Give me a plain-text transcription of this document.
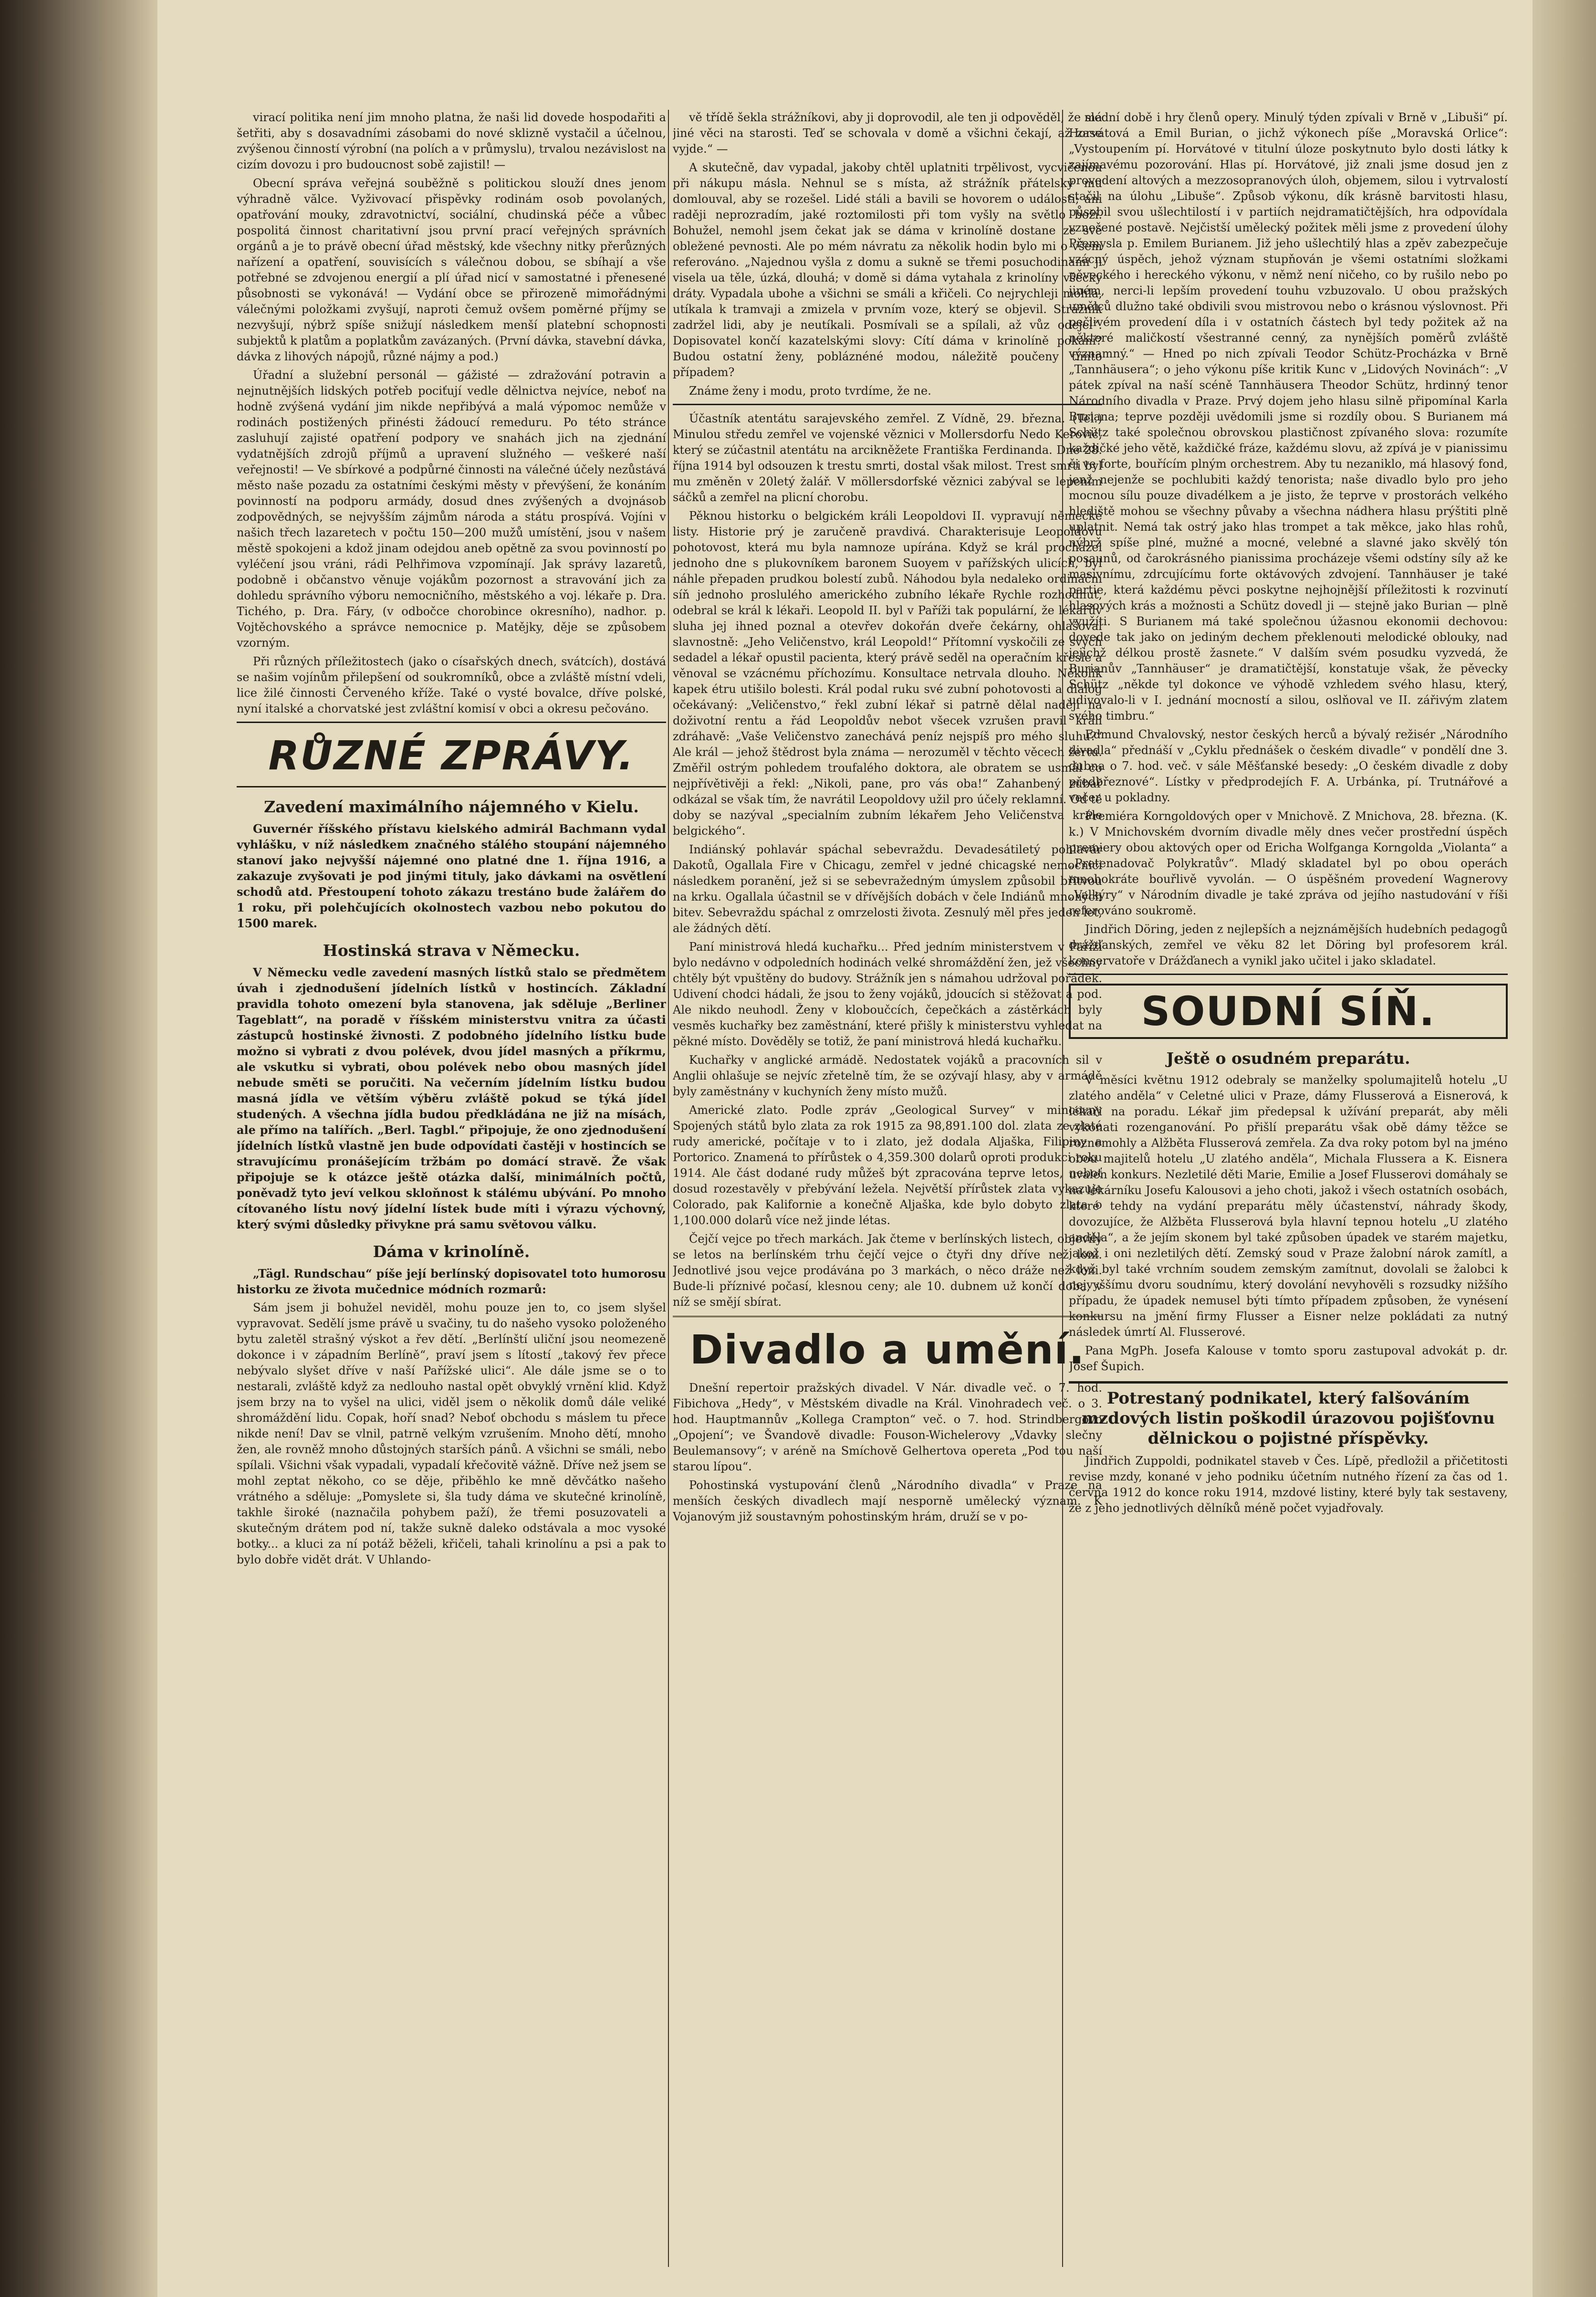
virací politika není jim mnoho platna, že naši lid dovede hospodařiti a šetřiti, aby s dosavadními zásobami do nové sklizně vystačil a účelnou, zvýšenou činností výrobní (na polích a v průmyslu), trvalou nezávislost na cizím dovozu i pro budoucnost sobě zajistil! —

Obecní správa veřejná souběžně s politickou slouží dnes jenom výhradně vălce. Vyživovací přispěvky rodinám osob povolaných, opatřování mouky, zdravotnictví, sociální, chudinská péče a vůbec pospolitá činnost charitativní jsou první prací veřejných správních orgánů a je to právě obecní úřad městský, kde všechny nitky přerůzných nařízení a opatření, souvisících s válečnou dobou, se sbíhají a vše potřebné se zdvojenou energií a plí úřad nicí v samostatné i přenesené působnosti se vykonává! — Vydání obce se přirozeně mimořádnými válečnými položkami zvyšují, naproti čemuž ovšem poměrné příjmy se nezvyšují, nýbrž spíše snižují následkem menší platební schopnosti subjektů k platům a poplatkům zavázaných. (První dávka, stavební dávka, dávka z lihových nápojů, různé nájmy a pod.)

Úřadní a služební personál — gážisté — zdražování potravin a nejnutnějších lidských potřeb pociťují vedle dělnictva nejvíce, neboť na hodně zvýšená vydání jim nikde nepřibývá a malá výpomoc nemůže v rodinách postižených přinésti žádoucí remeduru. Po této stránce zasluhují zajisté opatření podpory ve snahách jich na zjednání vydatnějších zdrojů příjmů a upravení služného — veškeré naší veřejnosti! — Ve sbírkové a podpůrné činnosti na válečné účely nezůstává město naše pozadu za ostatními českými městy v převýšení, že konáním povinností na podporu armády, dosud dnes zvýšených a dvojnásob zodpovědných, se nejvyšším zájmům národa a státu prospívá. Vojíni v našich třech lazaretech v počtu 150—200 mužů umístění, jsou v našem městě spokojeni a kdož jinam odejdou aneb opětně za svou povinností po vyléčení jsou vráni, rádi Pelhřimova vzpomínají. Jak správy lazaretů, podobně i občanstvo věnuje vojákům pozornost a stravování jich za dohledu správního výboru nemocničního, městského a voj. lékaře p. Dra. Tichého, p. Dra. Fáry, (v odbočce chorobince okresního), nadhor. p. Vojtěchovského a správce nemocnice p. Matějky, děje se způsobem vzorným.

Při různých příležitostech (jako o císařských dnech, svátcích), dostává se našim vojínům přilepšení od soukromníků, obce a zvláště místní vdeli, lice žilé činnosti Červeného kříže. Také o vysté bovalce, dříve polské, nyní italské a chorvatské jest zvláštní komisí v obci a okresu pečováno.

RŮZNÉ ZPRÁVY.
Zavedení maximálního nájemného v Kielu.

Guvernér říšského přístavu kielského admirál Bachmann vydal vyhlášku, v níž následkem značného stálého stoupání nájemného stanoví jako nejvyšší nájemné ono platné dne 1. října 1916, a zakazuje zvyšovati je pod jinými tituly, jako dávkami na osvětlení schodů atd. Přestoupení tohoto zákazu trestáno bude žalářem do 1 roku, při polehčujících okolnostech vazbou nebo pokutou do 1500 marek.

Hostinská strava v Německu.

V Německu vedle zavedení masných lístků stalo se předmětem úvah i zjednodušení jídelních lístků v hostincích. Základní pravidla tohoto omezení byla stanovena, jak sděluje „Berliner Tageblatt“, na poradě v říšském ministerstvu vnitra za účasti zástupců hostinské živnosti. Z podobného jídelního lístku bude možno si vybrati z dvou polévek, dvou jídel masných a příkrmu, ale vskutku si vybrati, obou polévek nebo obou masných jídel nebude směti se poručiti. Na večerním jídelním lístku budou masná jídla ve větším výběru zvláště pokud se týká jídel studených. A všechna jídla budou předkládána ne již na mísách, ale přímo na talířích. „Berl. Tagbl.“ připojuje, že ono zjednodušení jídelních lístků vlastně jen bude odpovídati častěji v hostincích se stravujícímu pronášejícím tržbám po domácí stravě. Že však připojuje se k otázce ještě otázka další, minimálních počtů, poněvadž tyto jeví velkou skloňnost k stálému ubývání. Po mnoho cítovaného lístu nový jídelní lístek bude míti i výrazu výchovný, který svými důsledky přivykne prá samu světovou válku.

Dáma v krinolíně.

„Tägl. Rundschau“ píše její berlínský dopisovatel toto humorosu historku ze života mučednice módních rozmarů:

Sám jsem ji bohužel neviděl, mohu pouze jen to, co jsem slyšel vypravovat. Sedělí jsme právě u svačiny, tu do našeho vysoko položeného bytu zaletěl strašný výskot a řev dětí. „Berlínští uliční jsou neomezeně dokonce i v západním Berlíně“, praví jsem s lítostí „takový řev přece nebývalo slyšet dříve v naší Pařížské ulici“. Ale dále jsme se o to nestarali, zvláště když za nedlouho nastal opět obvyklý vrnění klid. Když jsem brzy na to vyšel na ulici, viděl jsem o několik domů dále veliké shromáždění lidu. Copak, hoří snad? Neboť obchodu s máslem tu přece nikde není! Dav se vlnil, patrně velkým vzrušením. Mnoho dětí, mnoho žen, ale rovněž mnoho důstojných starších pánů. A všichni se smáli, nebo spílali. Všichni však vypadali, vypadalí křečovitě vážně. Dříve než jsem se mohl zeptat někoho, co se děje, přiběhlo ke mně děvčátko našeho vrátného a sděluje: „Pomyslete si, šla tudy dáma ve skutečné krinolíně, takhle široké (naznačila pohybem paží), že třemi posuzovateli a skutečným drátem pod ní, takže sukně daleko odstávala a moc vysoké botky... a kluci za ní potáž běželi, křičeli, tahali krinolínu a psi a pak to bylo dobře vidět drát. V Uhlando-

vě třídě šekla strážníkovi, aby ji doprovodil, ale ten ji odpověděl, že má jiné věci na starosti. Teď se schovala v domě a všichni čekají, až zase vyjde.“ —

A skutečně, dav vypadal, jakoby chtěl uplatniti trpělivost, vycvičenou při nákupu másla. Nehnul se s místa, až strážník přátelsky mu domlouval, aby se rozešel. Lidé stáli a bavili se hovorem o události; ani raději neprozradím, jaké roztomilosti při tom vyšly na světlo boží. Bohužel, nemohl jsem čekat jak se dáma v krinolíně dostane ze své obležené pevnosti. Ale po mém návratu za několik hodin bylo mi o všem referováno. „Najednou vyšla z domu a sukně se třemi posuchodinami ji visela ua těle, úzká, dlouhá; v domě si dáma vytahala z krinolíny všecky dráty. Vypadala ubohe a všichni se smáli a křičeli. Co nejrychleji mohla, utíkala k tramvaji a zmizela v prvním voze, který se objevil. Strážník zadržel lidi, aby je neutíkali. Posmívali se a spílali, až vůz odejel“. Dopisovatel končí kazatelskými slovy: Cítí dáma v krinolíně pokání? Budou ostatní ženy, pobláznéné modou, náležitě poučeny tímto případem?

Známe ženy i modu, proto tvrdíme, že ne.

Účastník atentátu sarajevského zemřel. Z Vídně, 29. března. (Tel.) Minulou středu zemřel ve vojenské věznici v Mollersdorfu Nedo Kerović, který se zúčastnil atentátu na arcikněžete Františka Ferdinanda. Dne 28. října 1914 byl odsouzen k trestu smrti, dostal však milost. Trest smrti byl mu změněn v 20letý žalář. V möllersdorfské věznici zabýval se lepením sáčků a zemřel na plicní chorobu.

Pěknou historku o belgickém králi Leopoldovi II. vypravují německé listy. Historie prý je zaručeně pravdivá. Charakterisuje Leopoldovu pohotovost, která mu byla namnoze upírána. Když se král procházel jednoho dne s plukovníkem baronem Suoyem v pařížských ulicích, byl náhle přepaden prudkou bolestí zubů. Náhodou byla nedaleko ordinační síň jednoho proslulého amerického zubního lékaře Rychle rozhodnut, odebral se král k lékaři. Leopold II. byl v Paříži tak populární, že lékařův sluha jej ihned poznal a otevřev dokořán dveře čekárny, ohlašoval slavnostně: „Jeho Veličenstvo, král Leopold!“ Přítomní vyskočili ze svých sedadel a lékař opustil pacienta, který právě seděl na operačním křesle a věnoval se vzácnému příchozímu. Konsultace netrvala dlouho. Několik kapek étru utišilo bolesti. Král podal ruku své zubní pohotovosti a dialog očekávaný: „Veličenstvo,“ řekl zubní lékař si patrně dělal naději na doživotní rentu a řád Leopoldův nebot všecek vzrušen pravil králi zdráhavě: „Vaše Veličenstvo zanechává peníz nejspíš pro mého sluhu?“ Ale král — jehož štědrost byla známa — nerozuměl v těchto věcech žertu. Změřil ostrým pohledem troufalého doktora, ale obratem se usmál co nejpřívětivěji a řekl: „Nikoli, pane, pro vás oba!“ Zahanbený zubař odkázal se však tím, že navrátil Leopoldovy užil pro účely reklamní. Od té doby se nazýval „specialním zubním lékařem Jeho Veličenstva krále belgického“.

Indiánský pohlavár spáchal sebevraždu. Devadesátiletý pohlavár Dakotů, Ogallala Fire v Chicagu, zemřel v jedné chicagské nemocnici následkem poranění, jež si se sebevražedným úmyslem způsobil břitvou na krku. Ogallala účastnil se v dřívějších dobách v čele Indiánů mnohých bitev. Sebevraždu spáchal z omrzelosti života. Zesnulý měl přes jeden let, ale žádných dětí.

Paní ministrová hledá kuchařku... Před jedním ministerstvem v Paříži bylo nedávno v odpoledních hodinách velké shromáždění žen, jež všechny chtěly být vpuštěny do budovy. Strážník jen s námahou udržoval pořádek. Udivení chodci hádali, že jsou to ženy vojáků, jdoucích si stěžovat a pod. Ale nikdo neuhodl. Ženy v kloboučcích, čepečkách a zástěrkách byly vesměs kuchařky bez zaměstnání, které přišly k ministerstvu vyhledat na pěkné místo. Dověděly se totiž, že paní ministrová hledá kuchařku.

Kuchařky v anglické armádě. Nedostatek vojáků a pracovních sil v Anglii ohlašuje se nejvíc zřetelně tím, že se ozývají hlasy, aby v armádě byly zaměstnány v kuchyních ženy místo mužů.

Americké zlato. Podle zpráv „Geological Survey“ v mincovny Spojených států bylo zlata za rok 1915 za 98,891.100 dol. zlata ze zlaté rudy americké, počítaje v to i zlato, jež dodala Aljaška, Filipiny a Portorico. Znamená to přírůstek o 4,359.300 dolarů oproti produkci roku 1914. Ale část dodané rudy můžeš být zpracována teprve letos, neboť dosud rozestavěly v přebývání ležela. Největší přírůstek zlata vykazuje Colorado, pak Kalifornie a konečně Aljaška, kde bylo dobyto zlata o 1,100.000 dolarů více než jinde létas.

Čejčí vejce po třech markách. Jak čteme v berlínských listech, objevily se letos na berlínském trhu čejčí vejce o čtyři dny dříve než loni. Jednotlivé jsou vejce prodávána po 3 markách, o něco dráže než loni. Bude-li příznivé počasí, klesnou ceny; ale 10. dubnem už končí doba, v níž se smějí sbírat.

Divadlo a umění.

Dnešní repertoir pražských divadel. V Nár. divadle več. o 7. hod. Fibichova „Hedy“, v Městském divadle na Král. Vinohradech več. o 3. hod. Hauptmannův „Kollega Crampton“ več. o 7. hod. Strindbergovo „Opojení“; ve Švandově divadle: Fouson-Wichelerovy „Vdavky slečny Beulemansovy“; v aréně na Smíchově Gelhertova opereta „Pod tou naší starou lípou“.

Pohostinská vystupování členů „Národního divadla“ v Praze na menších českých divadlech mají nesporně umělecký význam. K Vojanovým již soustavným pohostinským hrám, druží se v po-

slední době i hry členů opery. Minulý týden zpívali v Brně v „Libuši“ pí. Horvátová a Emil Burian, o jichž výkonech píše „Moravská Orlice“: „Vystoupením pí. Horvátové v titulní úloze poskytnuto bylo dosti látky k zajímavému pozorování. Hlas pí. Horvátové, již znali jsme dosud jen z provedení altových a mezzosopranových úloh, objemem, silou i vytrvalostí stačil na úlohu „Libuše“. Způsob výkonu, dík krásně barvitosti hlasu, působil svou ušlechtilostí i v partiích nejdramatičtějších, hra odpovídala vznešené postavě. Nejčistší umělecký požitek měli jsme z provedení úlohy Přemysla p. Emilem Burianem. Již jeho ušlechtilý hlas a zpěv zabezpečuje vzácný úspěch, jehož význam stupňován je všemi ostatními složkami pěveckého i hereckého výkonu, v němž není ničeho, co by rušilo nebo po jiném, nerci-li lepším provedení touhu vzbuzovalo. U obou pražských umělců dlužno také obdivili svou mistrovou nebo o krásnou výslovnost. Při pečlivém provedení díla i v ostatních částech byl tedy požitek až na některé maličkostí všestranné cenný, za nynějších poměrů zvláště významný.“ — Hned po nich zpívali Teodor Schütz-Procházka v Brně „Tannhäusera“; o jeho výkonu píše kritik Kunc v „Lidových Novinách“: „V pátek zpíval na naší scéně Tannhäusera Theodor Schütz, hrdinný tenor Národního divadla v Praze. Prvý dojem jeho hlasu silně připomínal Karla Buriana; teprve později uvědomili jsme si rozdíly obou. S Burianem má Schütz také společnou obrovskou plastičnost zpívaného slova: rozumíte každičké jeho větě, každičké fráze, každému slovu, až zpívá je v pianissimu či ve forte, bouřícím plným orchestrem. Aby tu nezaniklo, má hlasový fond, jenž nejenže se pochlubiti každý tenorista; naše divadlo bylo pro jeho mocnou sílu pouze divadélkem a je jisto, že teprve v prostorách velkého hlediště mohou se všechny půvaby a všechna nádhera hlasu prýštiti plně uplatnit. Nemá tak ostrý jako hlas trompet a tak měkce, jako hlas rohů, nýbrž spíše plné, mužné a mocné, velebné a slavné jako skvělý tón posaunů, od čarokrásného pianissima procházeje všemi odstíny síly až ke masivnímu, zdrcujícímu forte oktávových zdvojení. Tannhäuser je také partie, která každému pěvci poskytne nejhojnější příležitosti k rozvinutí hlasových krás a možnosti a Schütz dovedl ji — stejně jako Burian — plně využíti. S Burianem má také společnou úžasnou ekonomii dechovou: dovede tak jako on jediným dechem překlenouti melodické oblouky, nad jejichž délkou prostě žasnete.“ V dalším svém posudku vyzvedá, že Burianův „Tannhäuser“ je dramatičtější, konstatuje však, že pěvecky Schütz „někde tyl dokonce ve výhodě vzhledem svého hlasu, který, udivovalo-li v I. jednání mocností a silou, oslňoval ve II. zářivým zlatem svého timbru.“

Edmund Chvalovský, nestor českých herců a bývalý režisér „Národního divadla“ přednáší v „Cyklu přednášek o českém divadle“ v pondělí dne 3. dubna o 7. hod. več. v sále Měšťanské besedy: „O českém divadle z doby předbřeznové“. Lístky v předprodejích F. A. Urbánka, pí. Trutnářové a večer u pokladny.

Premiéra Korngoldových oper v Mnichově. Z Mnichova, 28. března. (K. k.) V Mnichovském dvorním divadle měly dnes večer prostřední úspěch premiery obou aktových oper od Ericha Wolfganga Korngolda „Violanta“ a „Pretenadovač Polykratův“. Mladý skladatel byl po obou operách mnohokráte bouřlivě vyvolán. — O úspěšném provedení Wagnerovy „Valkýry“ v Národním divadle je také zpráva od jejího nastudování v říši referováno soukromě.

Jindřich Döring, jeden z nejlepších a nejznámějších hudebních pedagogů drážďanských, zemřel ve věku 82 let Döring byl profesorem král. konservatoře v Drážďanech a vynikl jako učitel i jako skladatel.

SOUDNÍ SÍŇ.
Ještě o osudném preparátu.

V měsíci květnu 1912 odebraly se manželky spolumajitelů hotelu „U zlatého anděla“ v Celetné ulici v Praze, dámy Flusserová a Eisnerová, k lékaři na poradu. Lékař jim předepsal k užívání preparát, aby měli vykonati rozenganování. Po přišlí preparátu však obě dámy těžce se roznemohly a Alžběta Flusserová zemřela. Za dva roky potom byl na jméno obou majitelů hotelu „U zlatého anděla“, Michala Flussera a K. Eisnera uvalen konkurs. Nezletilé děti Marie, Emilie a Josef Flusserovi domáhaly se na lékárníku Josefu Kalousovi a jeho choti, jakož i všech ostatních osobách, které tehdy na vydání preparátu měly účastenství, náhrady škody, dovozujíce, že Alžběta Flusserová byla hlavní tepnou hotelu „U zlatého anděla“, a že jejím skonem byl také způsoben úpadek ve starém majetku, jakož i oni nezletilých dětí. Zemský soud v Praze žalobní nárok zamítl, a když byl také vrchním soudem zemským zamítnut, dovolali se žalobci k nejvyššímu dvoru soudnímu, který dovolání nevyhověli s rozsudky nižšího případu, že úpadek nemusel býti tímto případem způsoben, že vynésení konkursu na jmění firmy Flusser a Eisner nelze pokládati za nutný následek úmrtí Al. Flusserové.

Pana MgPh. Josefa Kalouse v tomto sporu zastupoval advokát p. dr. Josef Šupich.

Potrestaný podnikatel, který falšováním mzdových listin poškodil úrazovou pojišťovnu dělnickou o pojistné příspěvky.

Jindřich Zuppoldi, podnikatel staveb v Čes. Lípě, předložil a přičetitosti revise mzdy, konané v jeho podniku účetním nutného řízení za čas od 1. června 1912 do konce roku 1914, mzdové listiny, které byly tak sestaveny, že z jeho jednotlivých dělníků méně počet vyjadřovaly.
